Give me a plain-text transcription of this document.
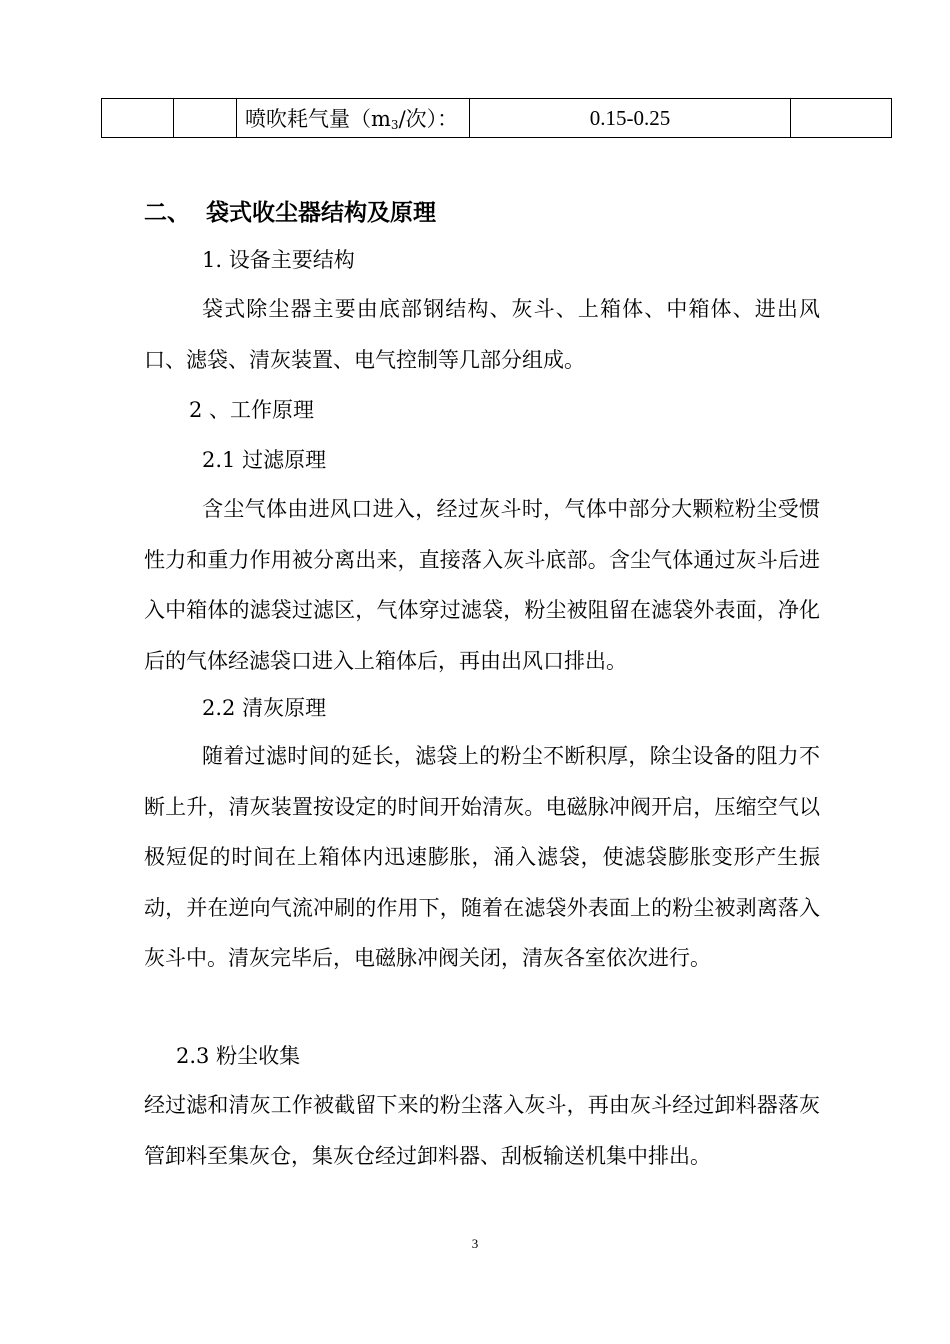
		喷吹耗气量（$m^3/$次）：	0.15-0.25	
二、 袋式收尘器结构及原理
1. 设备主要结构

袋式除尘器主要由底部钢结构、灰斗、上箱体、中箱体、进出风口、滤袋、清灰装置、电气控制等几部分组成。

2 、工作原理
2.1 过滤原理

含尘气体由进风口进入，经过灰斗时，气体中部分大颗粒粉尘受惯性力和重力作用被分离出来，直接落入灰斗底部。含尘气体通过灰斗后进入中箱体的滤袋过滤区，气体穿过滤袋，粉尘被阻留在滤袋外表面，净化后的气体经滤袋口进入上箱体后，再由出风口排出。

2.2 清灰原理

随着过滤时间的延长，滤袋上的粉尘不断积厚，除尘设备的阻力不断上升，清灰装置按设定的时间开始清灰。电磁脉冲阀开启，压缩空气以极短促的时间在上箱体内迅速膨胀，涌入滤袋，使滤袋膨胀变形产生振动，并在逆向气流冲刷的作用下，随着在滤袋外表面上的粉尘被剥离落入灰斗中。清灰完毕后，电磁脉冲阀关闭，清灰各室依次进行。

2.3 粉尘收集

经过滤和清灰工作被截留下来的粉尘落入灰斗，再由灰斗经过卸料器落灰管卸料至集灰仓，集灰仓经过卸料器、刮板输送机集中排出。

3
